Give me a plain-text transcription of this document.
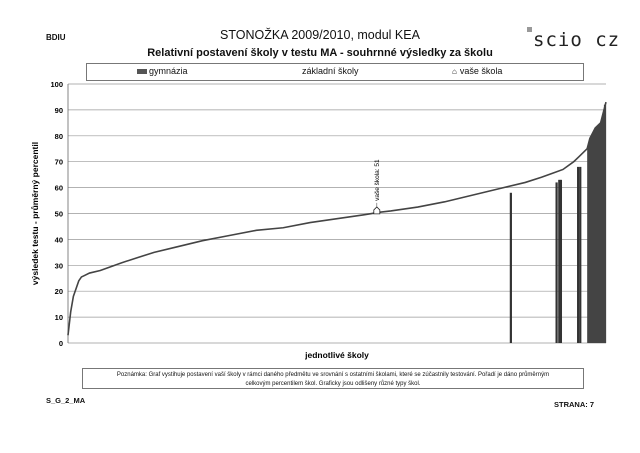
BDIU	scio cz
STONOŽKA 2009/2010, modul KEA
Relativní postavení školy v testu MA - souhrnné výsledky za školu
gymnázia	základní školy	⌂ vaše škola
0
10
20
30
40
50
60
70
80
90
100
vaše škola: 51
výsledek testu - průměrný percentil
jednotlivé školy
Poznámka: Graf vystihuje postavení vaší školy v rámci daného předmětu ve srovnání s ostatními školami, které se zúčastnily testování. Pořadí je dáno průměrným
celkovým percentilem škol. Graficky jsou odlišeny různé typy škol.
S_G_2_MA	STRANA: 7
